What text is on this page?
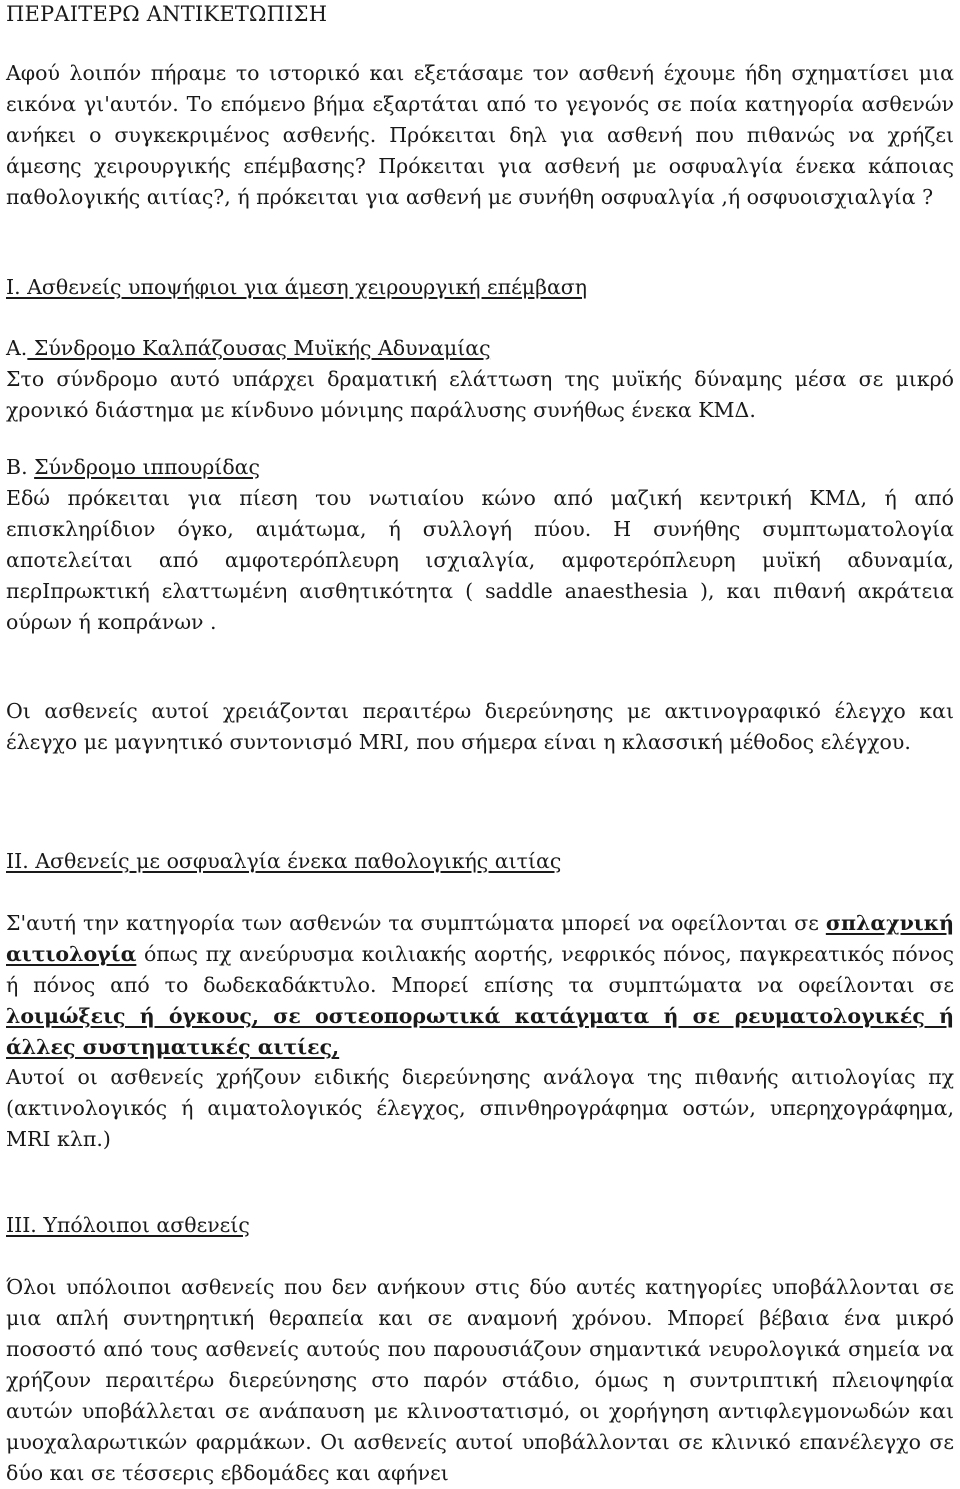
ΠΕΡΑΙΤΕΡΩ ΑΝΤΙΚΕΤΩΠΙΣΗ

Αφού λοιπόν πήραμε το ιστορικό και εξετάσαμε τον ασθενή έχουμε ήδη σχηματίσει μια εικόνα γι'αυτόν. Το επόμενο βήμα εξαρτάται από το γεγονός σε ποία κατηγορία ασθενών ανήκει ο συγκεκριμένος ασθενής. Πρόκειται δηλ για ασθενή που πιθανώς να χρήζει άμεσης χειρουργικής επέμβασης? Πρόκειται για ασθενή με οσφυαλγία ένεκα κάποιας παθολογικής αιτίας?, ή πρόκειται για ασθενή με συνήθη οσφυαλγία ,ή οσφυοισχιαλγία ?

Ι. Ασθενείς υποψήφιοι για άμεση χειρουργική επέμβαση
Α. Σύνδρομο Καλπάζουσας Μυϊκής Αδυναμίας

Στο σύνδρομο αυτό υπάρχει δραματική ελάττωση της μυϊκής δύναμης μέσα σε μικρό χρονικό διάστημα με κίνδυνο μόνιμης παράλυσης συνήθως ένεκα ΚΜΔ.

Β. Σύνδρομο ιππουρίδας

Εδώ πρόκειται για πίεση του νωτιαίου κώνο από μαζική κεντρική ΚΜΔ, ή από επισκληρίδιον όγκο, αιμάτωμα, ή συλλογή πύου. Η συνήθης συμπτωματολογία αποτελείται από αμφοτερόπλευρη ισχιαλγία, αμφοτερόπλευρη μυϊκή αδυναμία, περΙπρωκτική ελαττωμένη αισθητικότητα ( saddle anaesthesia ), και πιθανή ακράτεια ούρων ή κοπράνων .

Οι ασθενείς αυτοί χρειάζονται περαιτέρω διερεύνησης με ακτινογραφικό έλεγχο και έλεγχο με μαγνητικό συντονισμό MRI, που σήμερα είναι η κλασσική μέθοδος ελέγχου.

ΙΙ. Ασθενείς με οσφυαλγία ένεκα παθολογικής αιτίας

Σ'αυτή την κατηγορία των ασθενών τα συμπτώματα μπορεί να οφείλονται σε σπλαχνική αιτιολογία όπως πχ ανεύρυσμα κοιλιακής αορτής, νεφρικός πόνος, παγκρεατικός πόνος ή πόνος από το δωδεκαδάκτυλο. Μπορεί επίσης τα συμπτώματα να οφείλονται σε λοιμώξεις ή όγκους, σε οστεοπορωτικά κατάγματα ή σε ρευματολογικές ή άλλες συστηματικές αιτίες,

Αυτοί οι ασθενείς χρήζουν ειδικής διερεύνησης ανάλογα της πιθανής αιτιολογίας πχ (ακτινολογικός ή αιματολογικός έλεγχος, σπινθηρογράφημα οστών, υπερηχογράφημα, MRI κλπ.)

ΙΙΙ. Υπόλοιποι ασθενείς

Όλοι υπόλοιποι ασθενείς που δεν ανήκουν στις δύο αυτές κατηγορίες υποβάλλονται σε μια απλή συντηρητική θεραπεία και σε αναμονή χρόνου. Μπορεί βέβαια ένα μικρό ποσοστό από τους ασθενείς αυτούς που παρουσιάζουν σημαντικά νευρολογικά σημεία να χρήζουν περαιτέρω διερεύνησης στο παρόν στάδιο, όμως η συντριπτική πλειοψηφία αυτών υποβάλλεται σε ανάπαυση με κλινοστατισμό, οι χορήγηση αντιφλεγμονωδών και μυοχαλαρωτικών φαρμάκων. Οι ασθενείς αυτοί υποβάλλονται σε κλινικό επανέλεγχο σε δύο και σε τέσσερις εβδομάδες και αφήνει
